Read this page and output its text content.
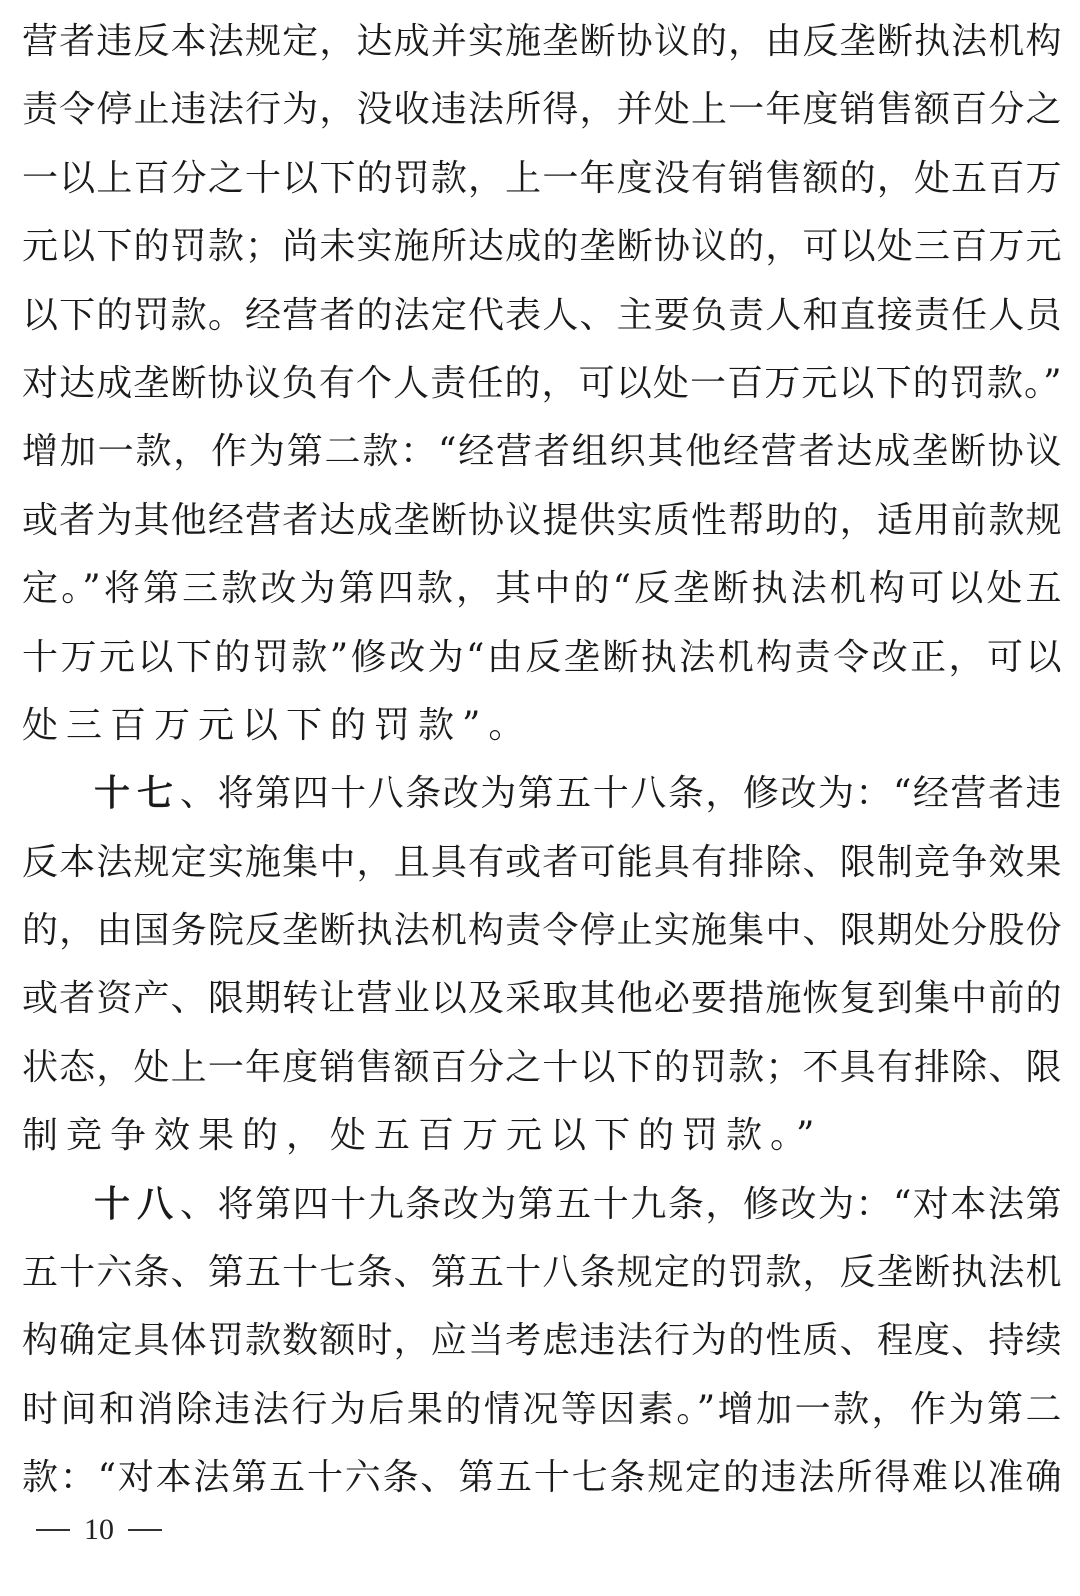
营者违反本法规定，达成并实施垄断协议的，由反垄断执法机构
责令停止违法行为，没收违法所得，并处上一年度销售额百分之
一以上百分之十以下的罚款，上一年度没有销售额的，处五百万
元以下的罚款；尚未实施所达成的垄断协议的，可以处三百万元
以下的罚款。经营者的法定代表人、主要负责人和直接责任人员
对达成垄断协议负有个人责任的，可以处一百万元以下的罚款。”
增加一款，作为第二款：“经营者组织其他经营者达成垄断协议
或者为其他经营者达成垄断协议提供实质性帮助的，适用前款规
定。”将第三款改为第四款，其中的“反垄断执法机构可以处五
十万元以下的罚款”修改为“由反垄断执法机构责令改正，可以
处三百万元以下的罚款”。
十七、将第四十八条改为第五十八条，修改为：“经营者违
反本法规定实施集中，且具有或者可能具有排除、限制竞争效果
的，由国务院反垄断执法机构责令停止实施集中、限期处分股份
或者资产、限期转让营业以及采取其他必要措施恢复到集中前的
状态，处上一年度销售额百分之十以下的罚款；不具有排除、限
制竞争效果的，处五百万元以下的罚款。”
十八、将第四十九条改为第五十九条，修改为：“对本法第
五十六条、第五十七条、第五十八条规定的罚款，反垄断执法机
构确定具体罚款数额时，应当考虑违法行为的性质、程度、持续
时间和消除违法行为后果的情况等因素。”增加一款，作为第二
款：“对本法第五十六条、第五十七条规定的违法所得难以准确
10
